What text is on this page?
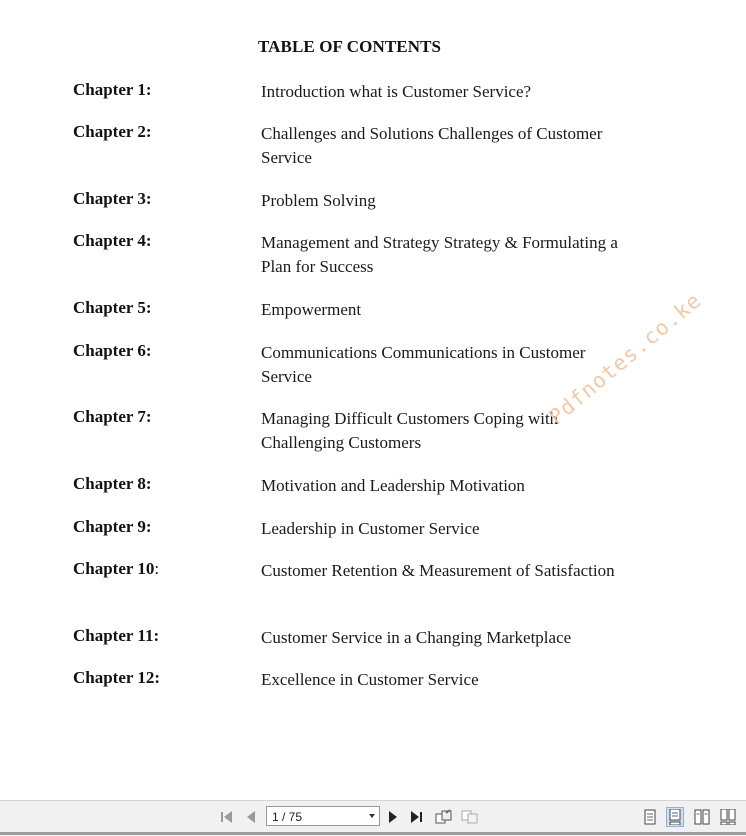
TABLE OF CONTENTS
Chapter 1:	Introduction what is Customer Service?
Chapter 2:	Challenges and Solutions Challenges of Customer Service
Chapter 3:	Problem Solving
Chapter 4:	Management and Strategy Strategy & Formulating a Plan for Success
Chapter 5:	Empowerment
Chapter 6:	Communications Communications in Customer Service
Chapter 7:	Managing Difficult Customers Coping with Challenging Customers
Chapter 8:	Motivation and Leadership Motivation
Chapter 9:	Leadership in Customer Service
Chapter 10:	Customer Retention & Measurement of Satisfaction
Chapter 11:	Customer Service in a Changing Marketplace
Chapter 12:	Excellence in Customer Service
Pdfnotes.co.ke
1 / 75
